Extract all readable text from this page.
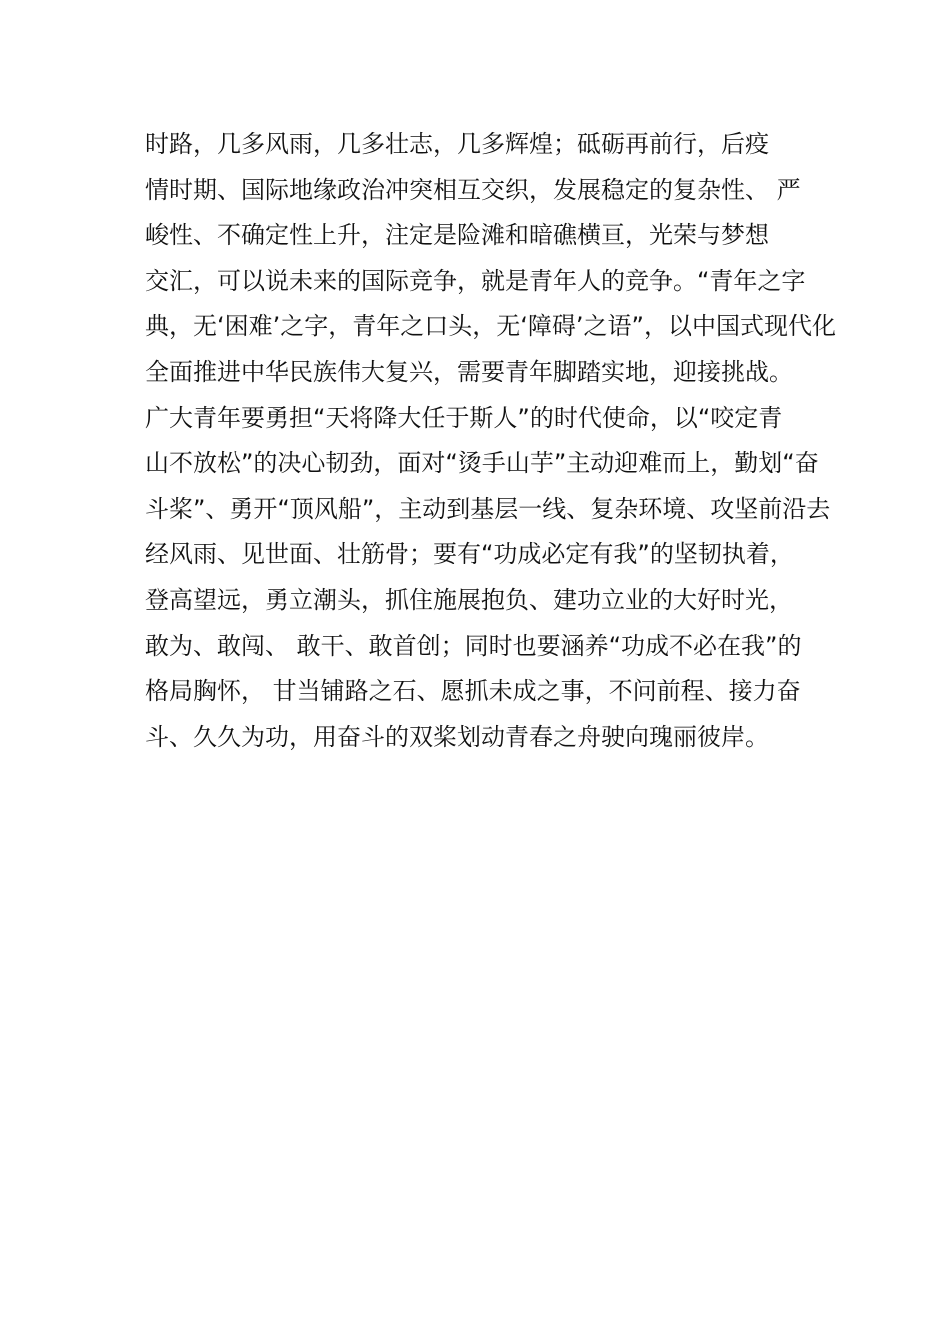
时路，几多风雨，几多壮志，几多辉煌；砥砺再前行，后疫
情时期、国际地缘政治冲突相互交织，发展稳定的复杂性、 严
峻性、不确定性上升，注定是险滩和暗礁横亘，光荣与梦想
交汇，可以说未来的国际竞争，就是青年人的竞争。“青年之字
典，无‘困难’之字，青年之口头，无‘障碍’之语”，以中国式现代化
全面推进中华民族伟大复兴，需要青年脚踏实地，迎接挑战。
广大青年要勇担“天将降大任于斯人”的时代使命，以“咬定青
山不放松”的决心韧劲，面对“烫手山芋”主动迎难而上，勤划“奋
斗桨”、勇开“顶风船”，主动到基层一线、复杂环境、攻坚前沿去
经风雨、见世面、壮筋骨；要有“功成必定有我”的坚韧执着，
登高望远，勇立潮头，抓住施展抱负、建功立业的大好时光，
敢为、敢闯、 敢干、敢首创；同时也要涵养“功成不必在我”的
格局胸怀， 甘当铺路之石、愿抓未成之事，不问前程、接力奋
斗、久久为功，用奋斗的双桨划动青春之舟驶向瑰丽彼岸。
